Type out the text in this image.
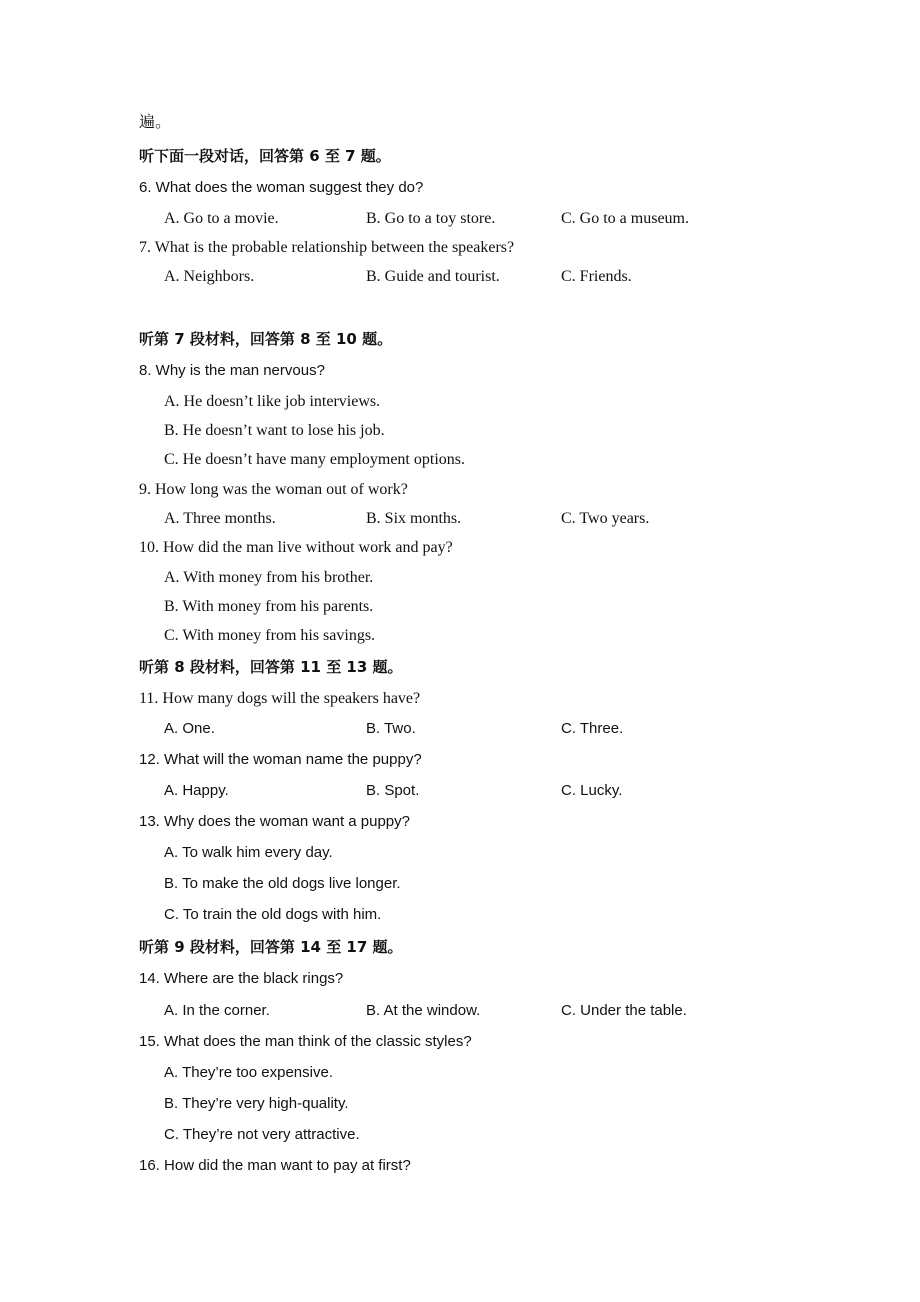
遍。
听下面一段对话，回答第 6 至 7 题。
6. What does the woman suggest they do?
A. Go to a movie.	B. Go to a toy store.	C. Go to a museum.
7. What is the probable relationship between the speakers?
A. Neighbors.	B. Guide and tourist.	C. Friends.
听第 7 段材料，回答第 8 至 10 题。
8. Why is the man nervous?
A. He doesn’t like job interviews.
B. He doesn’t want to lose his job.
C. He doesn’t have many employment options.
9. How long was the woman out of work?
A. Three months.	B. Six months.	C. Two years.
10. How did the man live without work and pay?
A. With money from his brother.
B. With money from his parents.
C. With money from his savings.
听第 8 段材料，回答第 11 至 13 题。
11. How many dogs will the speakers have?
A. One.	B. Two.	C. Three.
12. What will the woman name the puppy?
A. Happy.	B. Spot.	C. Lucky.
13. Why does the woman want a puppy?
A. To walk him every day.
B. To make the old dogs live longer.
C. To train the old dogs with him.
听第 9 段材料，回答第 14 至 17 题。
14. Where are the black rings?
A. In the corner.	B. At the window.	C. Under the table.
15. What does the man think of the classic styles?
A. They’re too expensive.
B. They’re very high-quality.
C. They’re not very attractive.
16. How did the man want to pay at first?
